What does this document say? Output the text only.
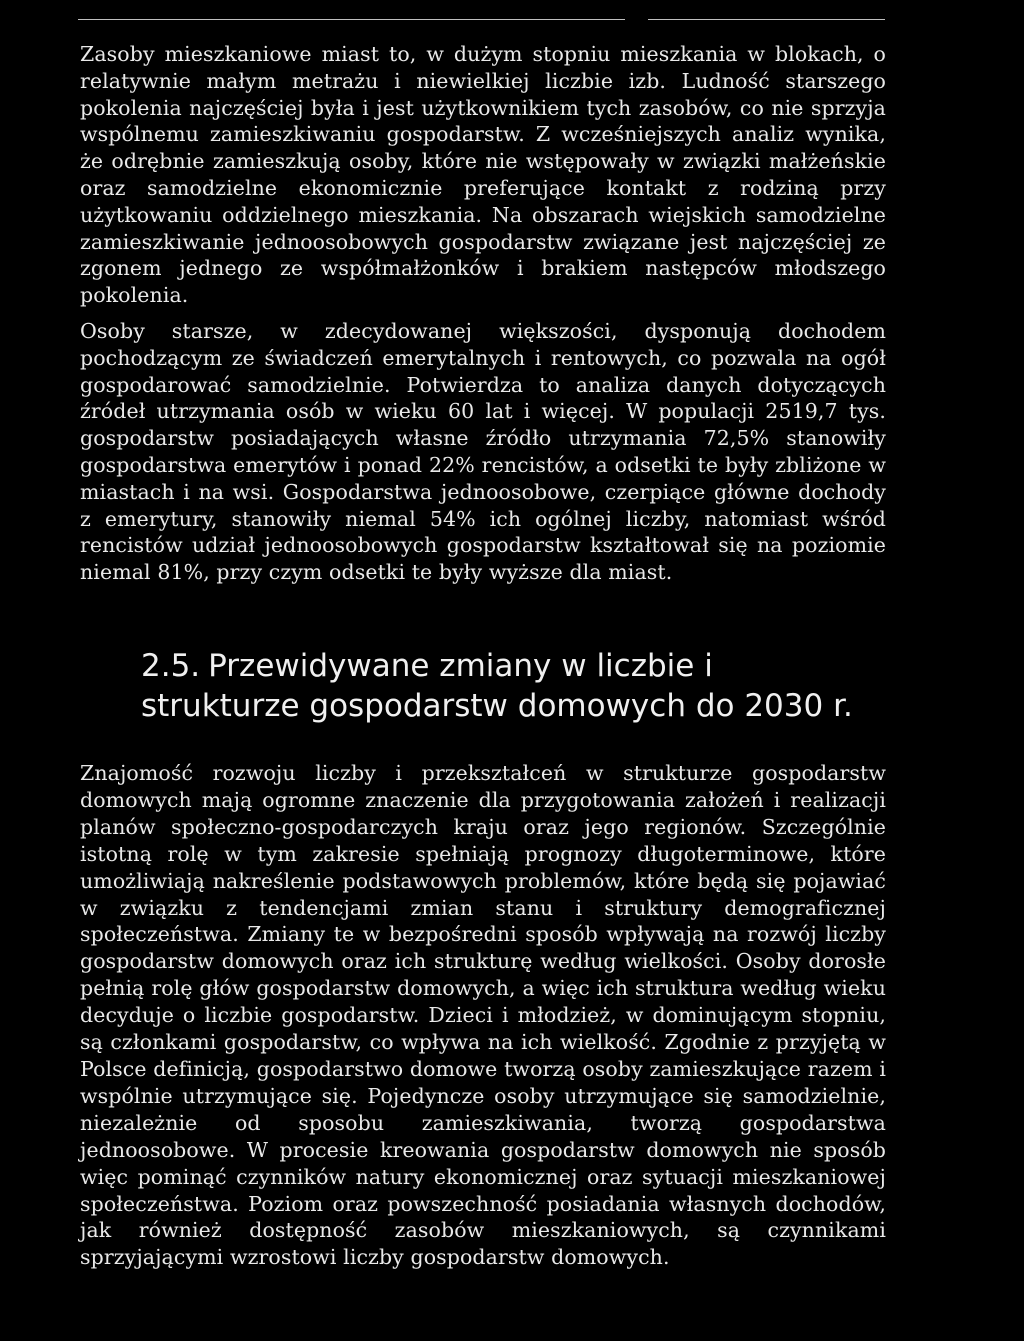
Zasoby mieszkaniowe miast to, w dużym stopniu mieszkania w blokach, o relatywnie małym metrażu i niewielkiej liczbie izb. Ludność starszego pokolenia najczęściej była i jest użytkownikiem tych zasobów, co nie sprzyja wspólnemu zamieszkiwaniu gospodarstw. Z wcześniejszych analiz wynika, że odrębnie zamieszkują osoby, które nie wstępowały w związki małżeńskie oraz samodzielne ekonomicznie preferujące kontakt z rodziną przy użytkowaniu oddzielnego mieszkania. Na obszarach wiejskich samodzielne zamieszkiwanie jednoosobowych gospodarstw związane jest najczęściej ze zgonem jednego ze współmałżonków i brakiem następców młodszego pokolenia.

Osoby starsze, w zdecydowanej większości, dysponują dochodem pochodzącym ze świadczeń emerytalnych i rentowych, co pozwala na ogół gospodarować samodzielnie. Potwierdza to analiza danych dotyczących źródeł utrzymania osób w wieku 60 lat i więcej. W populacji 2519,7 tys. gospodarstw posiadających własne źródło utrzymania 72,5% stanowiły gospodarstwa emerytów i ponad 22% rencistów, a odsetki te były zbliżone w miastach i na wsi. Gospodarstwa jednoosobowe, czerpiące główne dochody z emerytury, stanowiły niemal 54% ich ogólnej liczby, natomiast wśród rencistów udział jednoosobowych gospodarstw kształtował się na poziomie niemal 81%, przy czym odsetki te były wyższe dla miast.

2.5. Przewidywane zmiany w liczbie i strukturze gospodarstw domowych do 2030 r.

Znajomość rozwoju liczby i przekształceń w strukturze gospodarstw domowych mają ogromne znaczenie dla przygotowania założeń i realizacji planów społeczno-gospodarczych kraju oraz jego regionów. Szczególnie istotną rolę w tym zakresie spełniają prognozy długoterminowe, które umożliwiają nakreślenie podstawowych problemów, które będą się pojawiać w związku z tendencjami zmian stanu i struktury demograficznej społeczeństwa. Zmiany te w bezpośredni sposób wpływają na rozwój liczby gospodarstw domowych oraz ich strukturę według wielkości. Osoby dorosłe pełnią rolę głów gospodarstw domowych, a więc ich struktura według wieku decyduje o liczbie gospodarstw. Dzieci i młodzież, w dominującym stopniu, są członkami gospodarstw, co wpływa na ich wielkość. Zgodnie z przyjętą w Polsce definicją, gospodarstwo domowe tworzą osoby zamieszkujące razem i wspólnie utrzymujące się. Pojedyncze osoby utrzymujące się samodzielnie, niezależnie od sposobu zamieszkiwania, tworzą gospodarstwa jednoosobowe. W procesie kreowania gospodarstw domowych nie sposób więc pominąć czynników natury ekonomicznej oraz sytuacji mieszkaniowej społeczeństwa. Poziom oraz powszechność posiadania własnych dochodów, jak również dostępność zasobów mieszkaniowych, są czynnikami sprzyjającymi wzrostowi liczby gospodarstw domowych.
